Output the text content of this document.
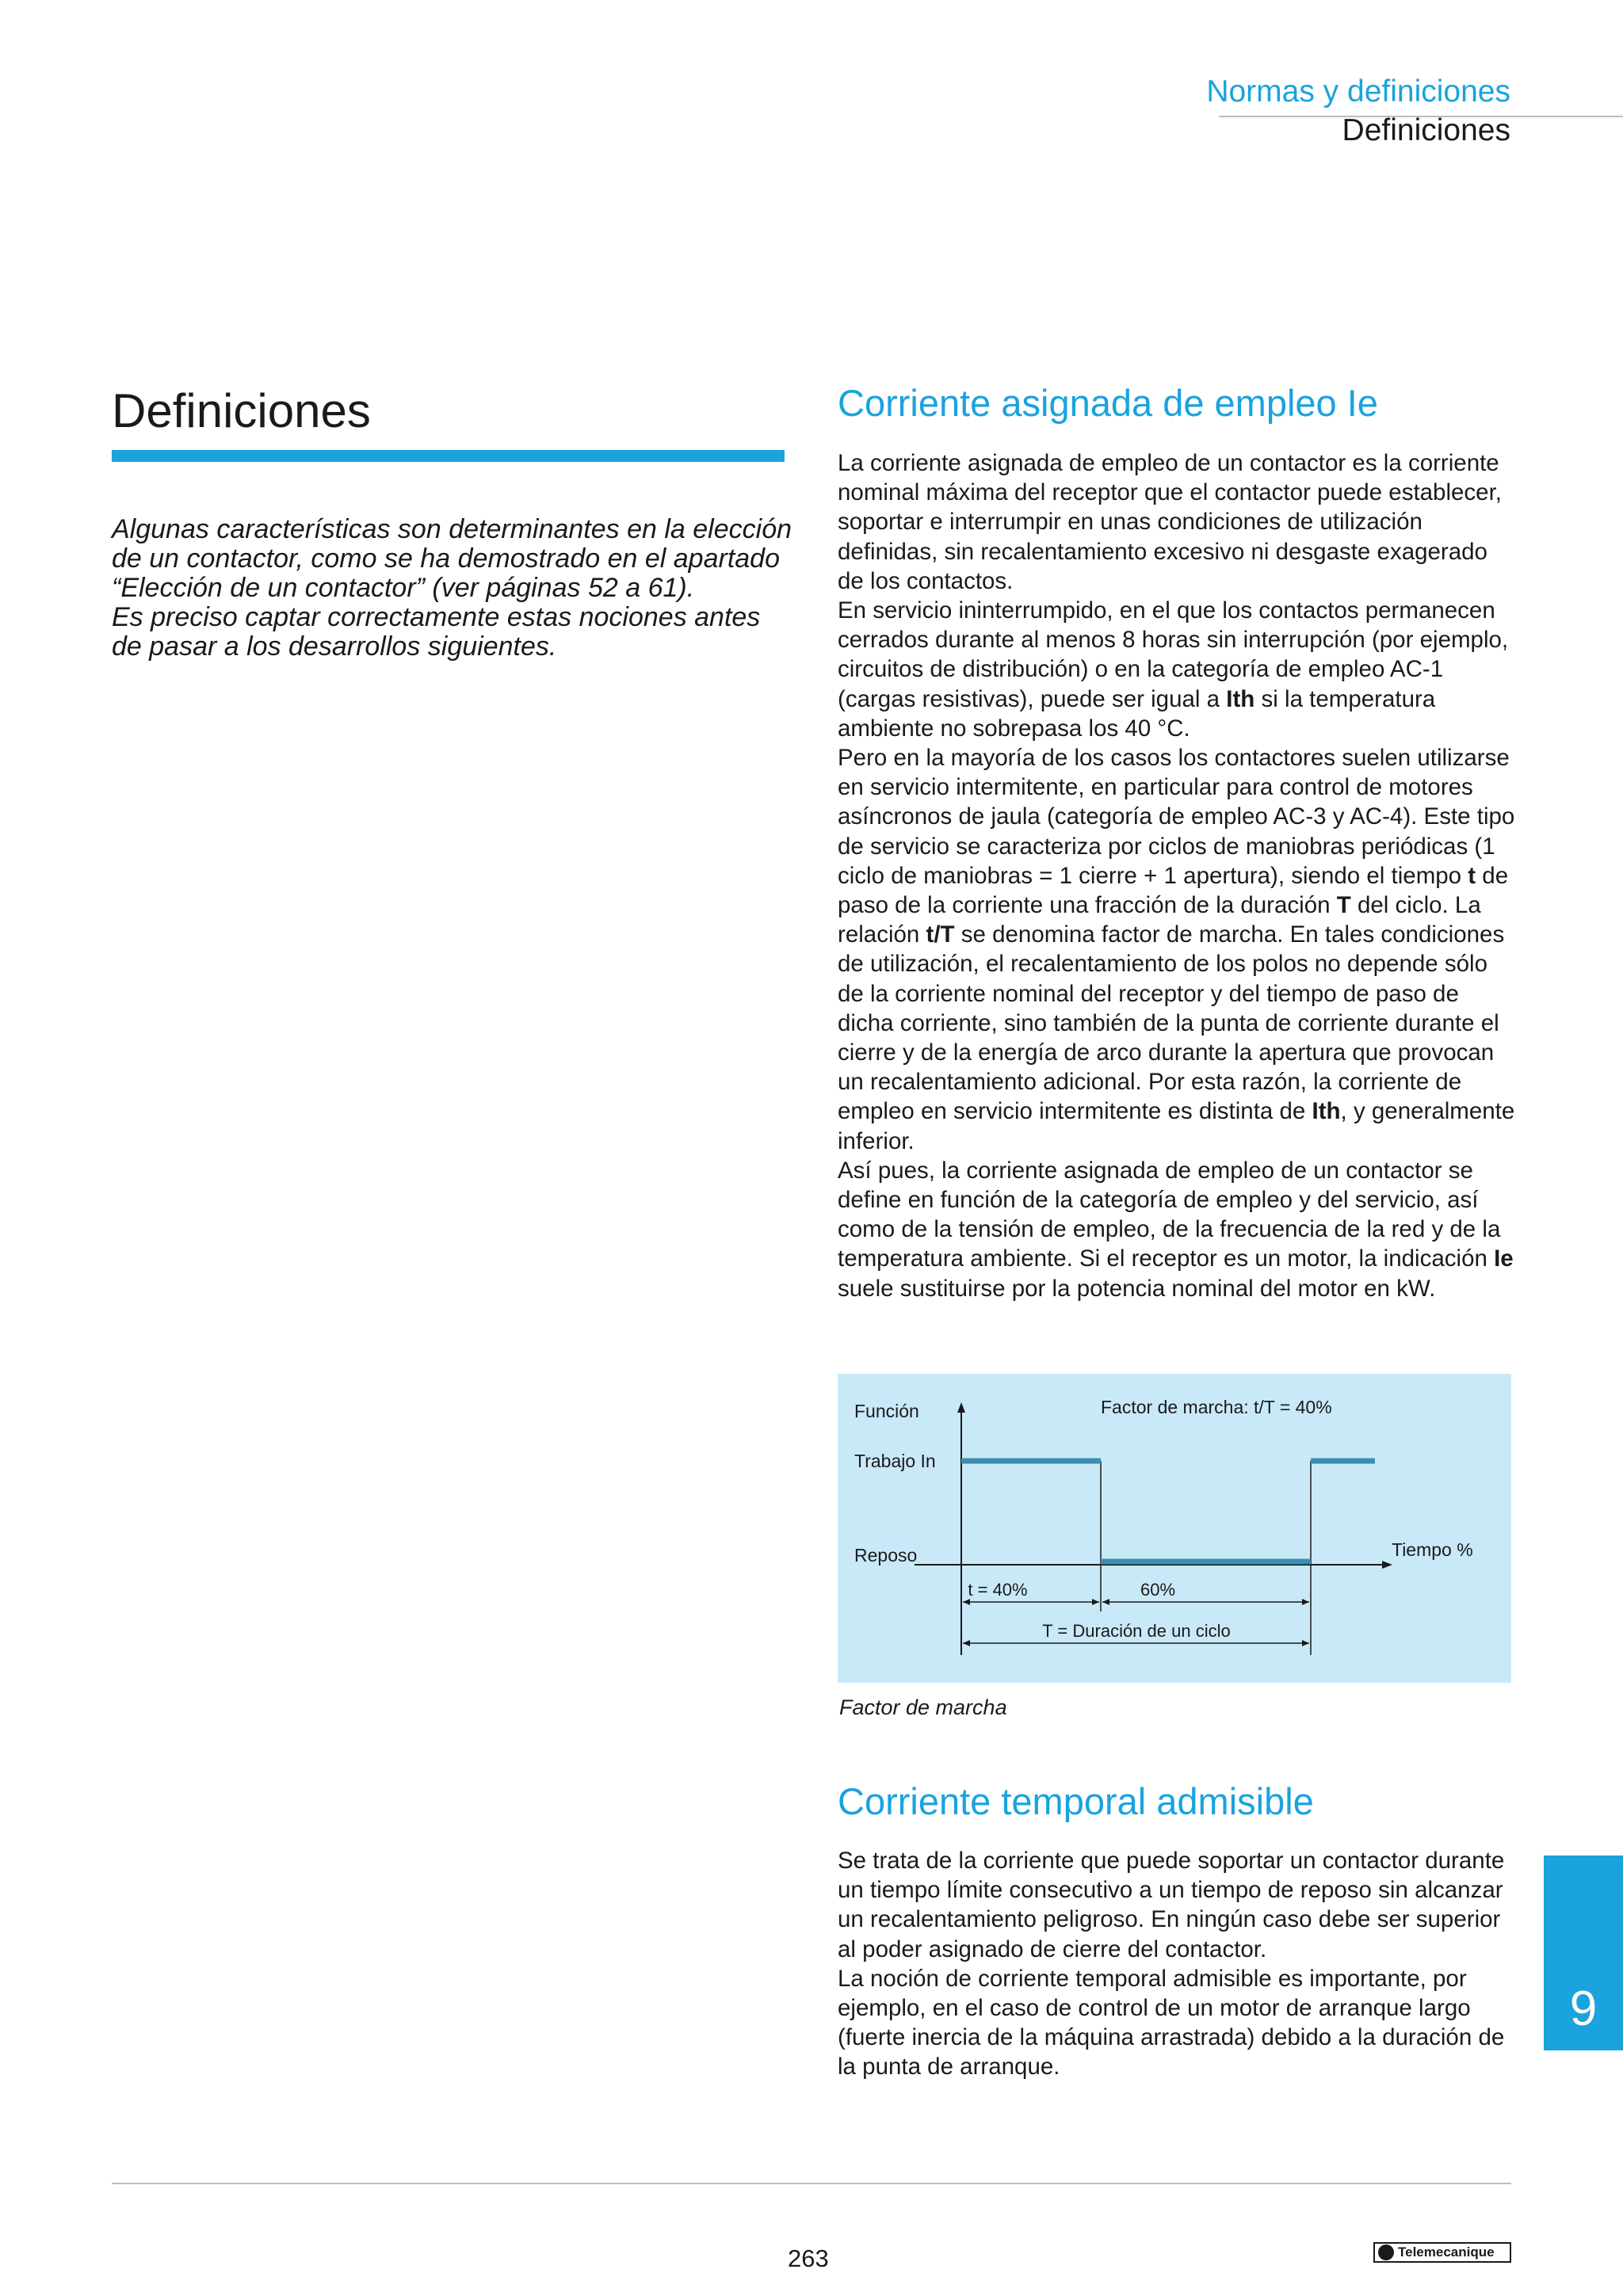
Normas y definiciones
Definiciones
Definiciones

Algunas características son determinantes en la elección de un contactor, como se ha demostrado en el apartado “Elección de un contactor” (ver páginas 52 a 61).

Es preciso captar correctamente estas nociones antes de pasar a los desarrollos siguientes.

Corriente asignada de empleo Ie

La corriente asignada de empleo de un contactor es la corriente nominal máxima del receptor que el contactor puede establecer, soportar e interrumpir en unas condiciones de utilización definidas, sin recalentamiento excesivo ni desgaste exagerado de los contactos.

En servicio ininterrumpido, en el que los contactos permanecen cerrados durante al menos 8 horas sin interrupción (por ejemplo, circuitos de distribución) o en la categoría de empleo AC-1 (cargas resistivas), puede ser igual a Ith si la temperatura ambiente no sobrepasa los 40 °C.

Pero en la mayoría de los casos los contactores suelen utilizarse en servicio intermitente, en particular para control de motores asíncronos de jaula (categoría de empleo AC-3 y AC-4). Este tipo de servicio se caracteriza por ciclos de maniobras periódicas (1 ciclo de maniobras = 1 cierre + 1 apertura), siendo el tiempo t de paso de la corriente una fracción de la duración T del ciclo. La relación t/T se denomina factor de marcha. En tales condiciones de utilización, el recalentamiento de los polos no depende sólo de la corriente nominal del receptor y del tiempo de paso de dicha corriente, sino también de la punta de corriente durante el cierre y de la energía de arco durante la apertura que provocan un recalentamiento adicional. Por esta razón, la corriente de empleo en servicio intermitente es distinta de Ith, y generalmente inferior.

Así pues, la corriente asignada de empleo de un contactor se define en función de la categoría de empleo y del servicio, así como de la tensión de empleo, de la frecuencia de la red y de la temperatura ambiente. Si el receptor es un motor, la indicación Ie suele sustituirse por la potencia nominal del motor en kW.

Función
Trabajo In
Reposo	Tiempo %
Factor de marcha: t/T = 40%
t = 40%	60%
T = Duración de un ciclo
Factor de marcha
Corriente temporal admisible

Se trata de la corriente que puede soportar un contactor durante un tiempo límite consecutivo a un tiempo de reposo sin alcanzar un recalentamiento peligroso. En ningún caso debe ser superior al poder asignado de cierre del contactor.

La noción de corriente temporal admisible es importante, por ejemplo, en el caso de control de un motor de arranque largo (fuerte inercia de la máquina arrastrada) debido a la duración de la punta de arranque.

9
263	Telemecanique
